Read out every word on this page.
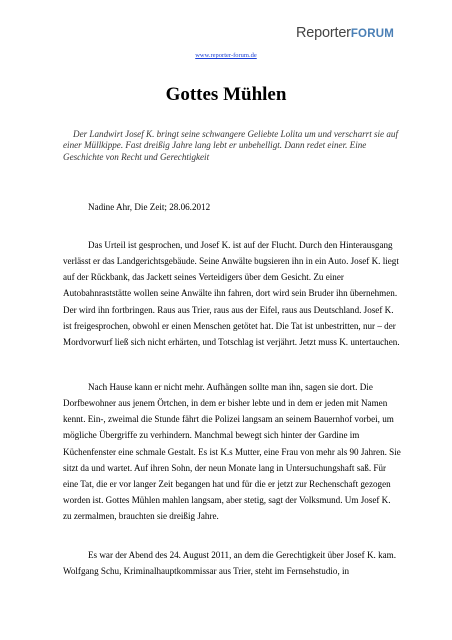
ReporterFORUM
www.reporter-forum.de
Gottes Mühlen
Der Landwirt Josef K. bringt seine schwangere Geliebte Lolita um und verscharrt sie auf einer Müllkippe. Fast dreißig Jahre lang lebt er unbehelligt. Dann redet einer. Eine Geschichte von Recht und Gerechtigkeit
Nadine Ahr, Die Zeit; 28.06.2012
Das Urteil ist gesprochen, und Josef K. ist auf der Flucht. Durch den Hinterausgang verlässt er das Landgerichtsgebäude. Seine Anwälte bugsieren ihn in ein Auto. Josef K. liegt auf der Rückbank, das Jackett seines Verteidigers über dem Gesicht. Zu einer Autobahnraststätte wollen seine Anwälte ihn fahren, dort wird sein Bruder ihn übernehmen. Der wird ihn fortbringen. Raus aus Trier, raus aus der Eifel, raus aus Deutschland. Josef K. ist freigesprochen, obwohl er einen Menschen getötet hat. Die Tat ist unbestritten, nur – der Mordvorwurf ließ sich nicht erhärten, und Totschlag ist verjährt. Jetzt muss K. untertauchen.
Nach Hause kann er nicht mehr. Aufhängen sollte man ihn, sagen sie dort. Die Dorfbewohner aus jenem Örtchen, in dem er bisher lebte und in dem er jeden mit Namen kennt. Ein-, zweimal die Stunde fährt die Polizei langsam an seinem Bauernhof vorbei, um mögliche Übergriffe zu verhindern. Manchmal bewegt sich hinter der Gardine im Küchenfenster eine schmale Gestalt. Es ist K.s Mutter, eine Frau von mehr als 90 Jahren. Sie sitzt da und wartet. Auf ihren Sohn, der neun Monate lang in Untersuchungshaft saß. Für eine Tat, die er vor langer Zeit begangen hat und für die er jetzt zur Rechenschaft gezogen worden ist. Gottes Mühlen mahlen langsam, aber stetig, sagt der Volksmund. Um Josef K. zu zermalmen, brauchten sie dreißig Jahre.
Es war der Abend des 24. August 2011, an dem die Gerechtigkeit über Josef K. kam. Wolfgang Schu, Kriminalhauptkommissar aus Trier, steht im Fernsehstudio, in
